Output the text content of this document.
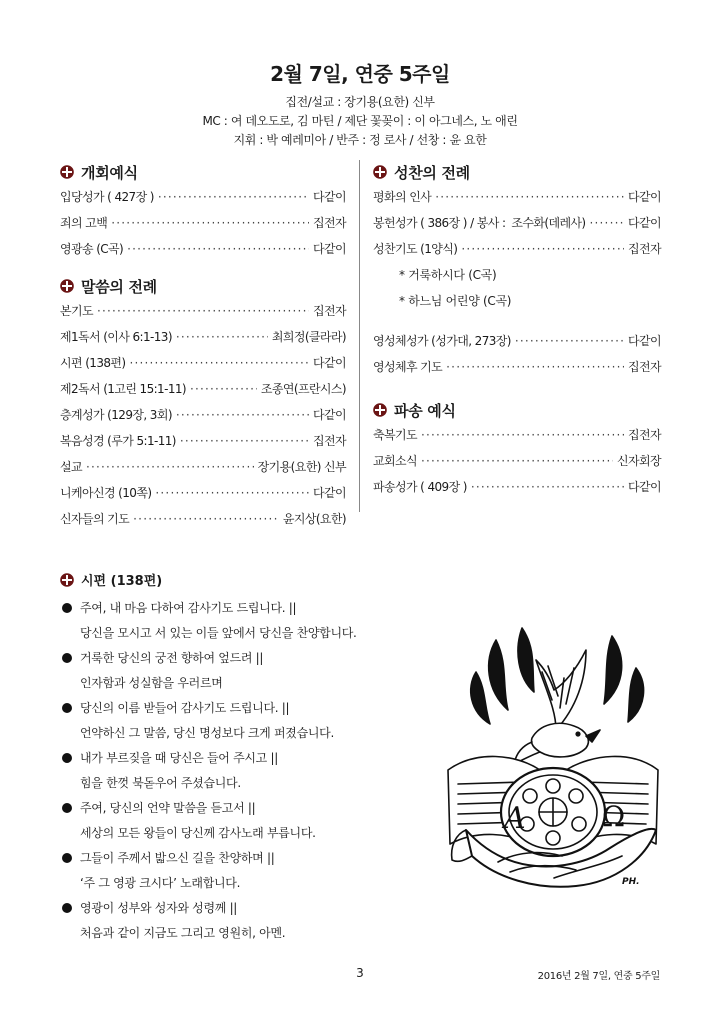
2월 7일, 연중 5주일
집전/설교 : 장기용(요한) 신부
MC : 여 데오도로, 김 마틴 / 제단 꽃꽂이 : 이 아그네스, 노 애린
지휘 : 박 예레미아 / 반주 : 정 로사 / 선창 : 윤 요한
개회예식
입당성가 ( 427장 ) ·····	다같이
죄의 고백 ·····	집전자
영광송 (C곡) ·····	다같이
말씀의 전례
본기도 ·····	집전자
제1독서 (이사 6:1-13) ·····	최희정(클라라)
시편 (138편) ·····	다같이
제2독서 (1고린 15:1-11) ·····	조종연(프란시스)
층계성가 (129장, 3회) ·····	다같이
복음성경 (루가 5:1-11) ·····	집전자
설교 ·····	장기용(요한) 신부
니케아신경 (10쪽) ·····	다같이
신자들의 기도 ·····	윤지상(요한)
성찬의 전례
평화의 인사 ·····	다같이
봉헌성가 ( 386장 ) / 봉사 : 조수화(데레사) ·····	다같이
성찬기도 (1양식) ·····	집전자
* 거룩하시다 (C곡)
* 하느님 어린양 (C곡)
영성체성가 (성가대, 273장) ·····	다같이
영성체후 기도 ·····	집전자
파송 예식
축복기도 ·····	집전자
교회소식 ·····	신자회장
파송성가 ( 409장 ) ·····	다같이
시편 (138편)
주여, 내 마음 다하여 감사기도 드립니다. ||
당신을 모시고 서 있는 이들 앞에서 당신을 찬양합니다.
거룩한 당신의 궁전 향하여 엎드려 ||
인자함과 성실함을 우러르며
당신의 이름 받들어 감사기도 드립니다. ||
언약하신 그 말씀, 당신 명성보다 크게 퍼졌습니다.
내가 부르짖을 때 당신은 들어 주시고 ||
힘을 한껏 북돋우어 주셨습니다.
주여, 당신의 언약 말씀을 듣고서 ||
세상의 모든 왕들이 당신께 감사노래 부릅니다.
그들이 주께서 밟으신 길을 찬양하며 ||
‘주 그 영광 크시다’ 노래합니다.
영광이 성부와 성자와 성령께 ||
처음과 같이 지금도 그리고 영원히, 아멘.
A	Ω
PH.
3	2016년 2월 7일, 연중 5주일
